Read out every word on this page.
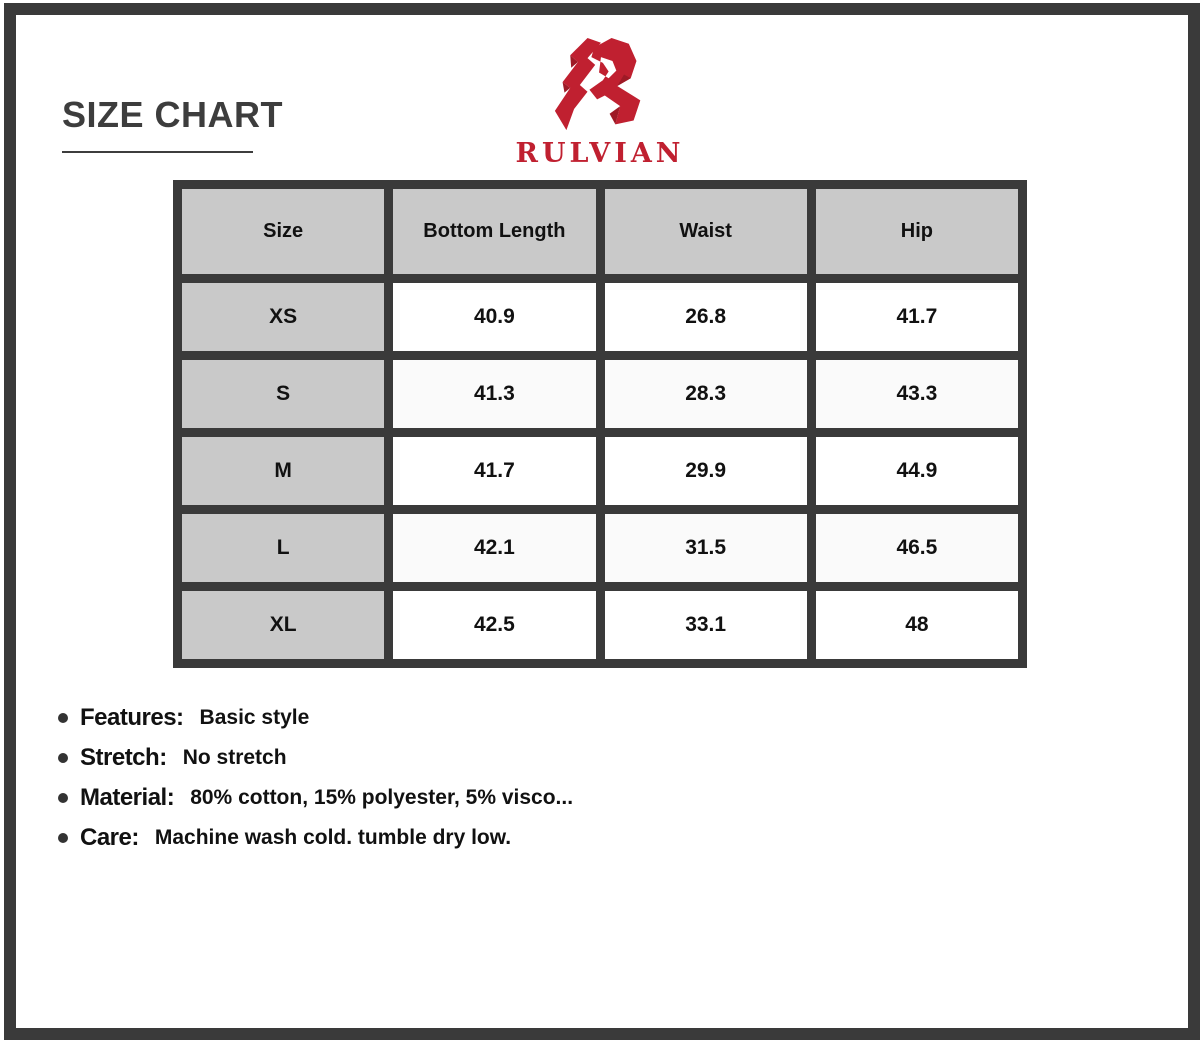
SIZE CHART
RULVIAN
Size	Bottom Length	Waist	Hip
XS	40.9	26.8	41.7
S	41.3	28.3	43.3
M	41.7	29.9	44.9
L	42.1	31.5	46.5
XL	42.5	33.1	48
Features: Basic style
Stretch: No stretch
Material: 80% cotton, 15% polyester, 5% visco...
Care: Machine wash cold. tumble dry low.
